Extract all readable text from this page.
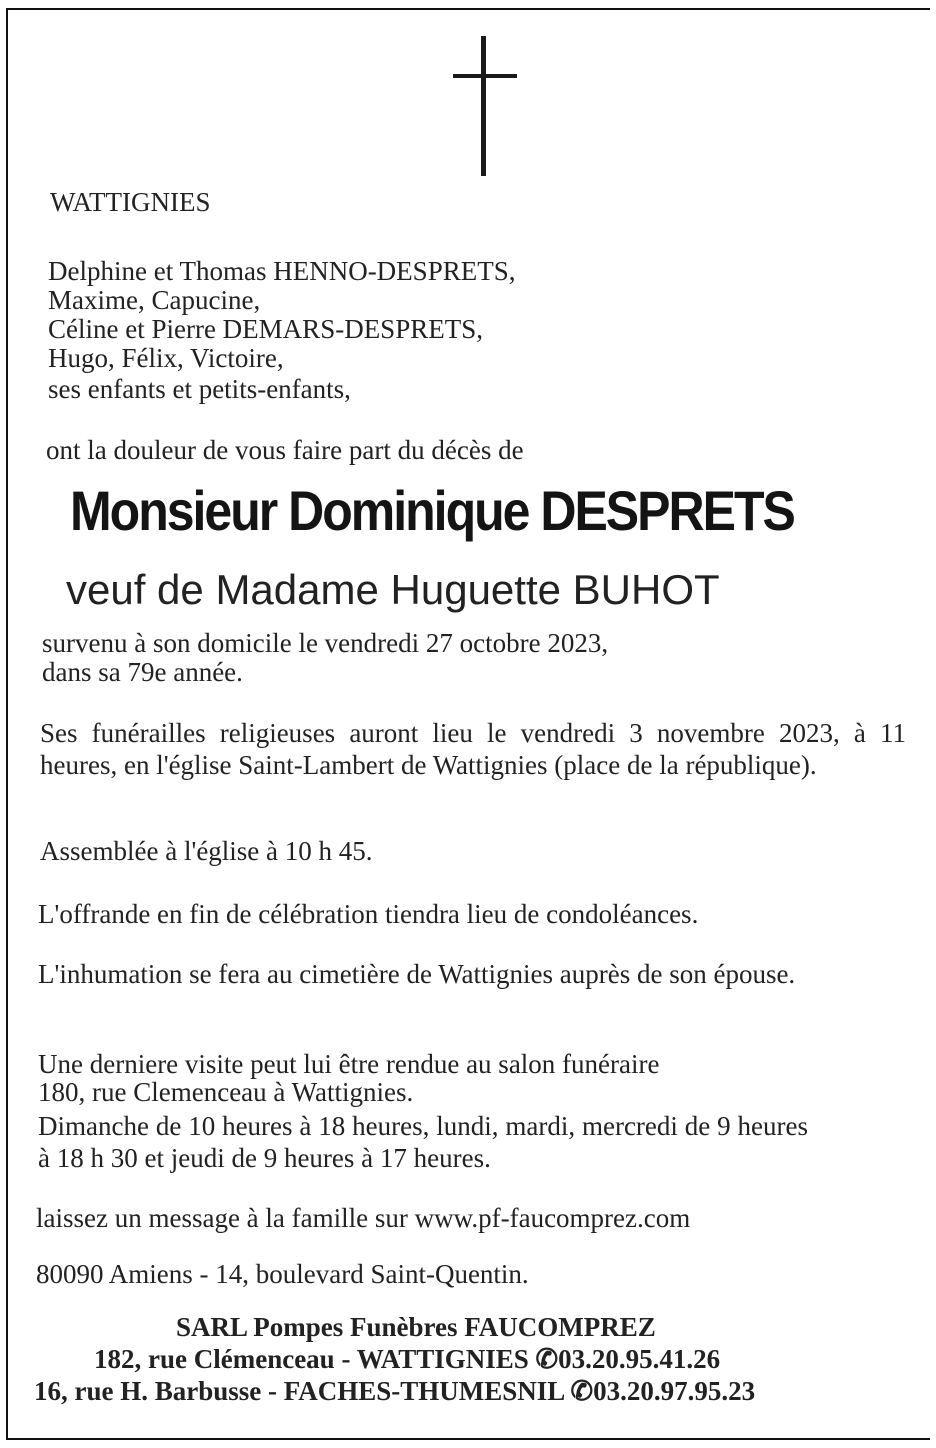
WATTIGNIES
Delphine et Thomas HENNO-DESPRETS,
Maxime, Capucine,
Céline et Pierre DEMARS-DESPRETS,
Hugo, Félix, Victoire,
ses enfants et petits-enfants,
ont la douleur de vous faire part du décès de
Monsieur Dominique DESPRETS
veuf de Madame Huguette BUHOT
survenu à son domicile le vendredi 27 octobre 2023,
dans sa 79e année.
Ses funérailles religieuses auront lieu le vendredi 3 novembre 2023, à 11 heures, en l'église Saint-Lambert de Wattignies (place de la république).
Assemblée à l'église à 10 h 45.
L'offrande en fin de célébration tiendra lieu de condoléances.
L'inhumation se fera au cimetière de Wattignies auprès de son épouse.
Une derniere visite peut lui être rendue au salon funéraire
180, rue Clemenceau à Wattignies.
Dimanche de 10 heures à 18 heures, lundi, mardi, mercredi de 9 heures à 18 h 30 et jeudi de 9 heures à 17 heures.
laissez un message à la famille sur www.pf-faucomprez.com
80090 Amiens - 14, boulevard Saint-Quentin.
SARL Pompes Funèbres FAUCOMPREZ
182, rue Clémenceau - WATTIGNIES ✆03.20.95.41.26
16, rue H. Barbusse - FACHES-THUMESNIL ✆03.20.97.95.23
